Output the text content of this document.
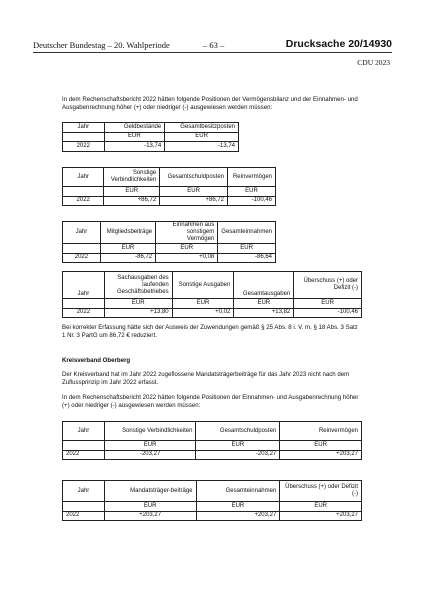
Deutscher Bundestag – 20. Wahlperiode	– 63 –	Drucksache 20/14930
CDU 2023
In dem Rechenschaftsbericht 2022 hätten folgende Positionen der Vermögensbilanz und der Einnahmen- und Ausgabenrechnung höher (+) oder niedriger (-) ausgewiesen werden müssen:
Jahr	Geldbestände	Gesamtbesitzposten
	EUR	EUR
2022	-13,74	-13,74
Jahr	Sonstige Verbindlichkeiten	Gesamtschuldposten	Reinvermögen
	EUR	EUR	EUR
2022	+86,72	+86,72	-100,46
Jahr	Mitgliedsbeiträge	Einnahmen aus sonstigem Vermögen	Gesamteinnahmen
	EUR	EUR	EUR
2022	-86,72	+0,08	-86,64
Jahr	Sachausgaben des laufenden Geschäftsbetriebes	Sonstige Ausgaben	Gesamtausgaben	Überschuss (+) oder Defizit (-)
	EUR	EUR	EUR	EUR
2022	+13,80	+0,02	+13,82	-100,46
Bei korrekter Erfassung hätte sich der Ausweis der Zuwendungen gemäß § 25 Abs. 8 i. V. m. § 18 Abs. 3 Satz 1 Nr. 3 PartG um 86,72 € reduziert.
Kreisverband Oberberg
Der Kreisverband hat im Jahr 2022 zugeflossene Mandatsträgerbeiträge für das Jahr 2023 nicht nach dem Zuflussprinzip im Jahr 2022 erfasst.
In dem Rechenschaftsbericht 2022 hätten folgende Positionen der Einnahmen- und Ausgabenrechnung höher (+) oder niedriger (-) ausgewiesen werden müssen:
Jahr	Sonstige Verbindlichkeiten	Gesamtschuldposten	Reinvermögen
	EUR	EUR	EUR
2022	-203,27	-203,27	+203,27
Jahr	Mandatsträger-beiträge	Gesamteinnahmen	Überschuss (+) oder Defizit (-)
	EUR	EUR	EUR
2022	+203,27	+203,27	+203,27
